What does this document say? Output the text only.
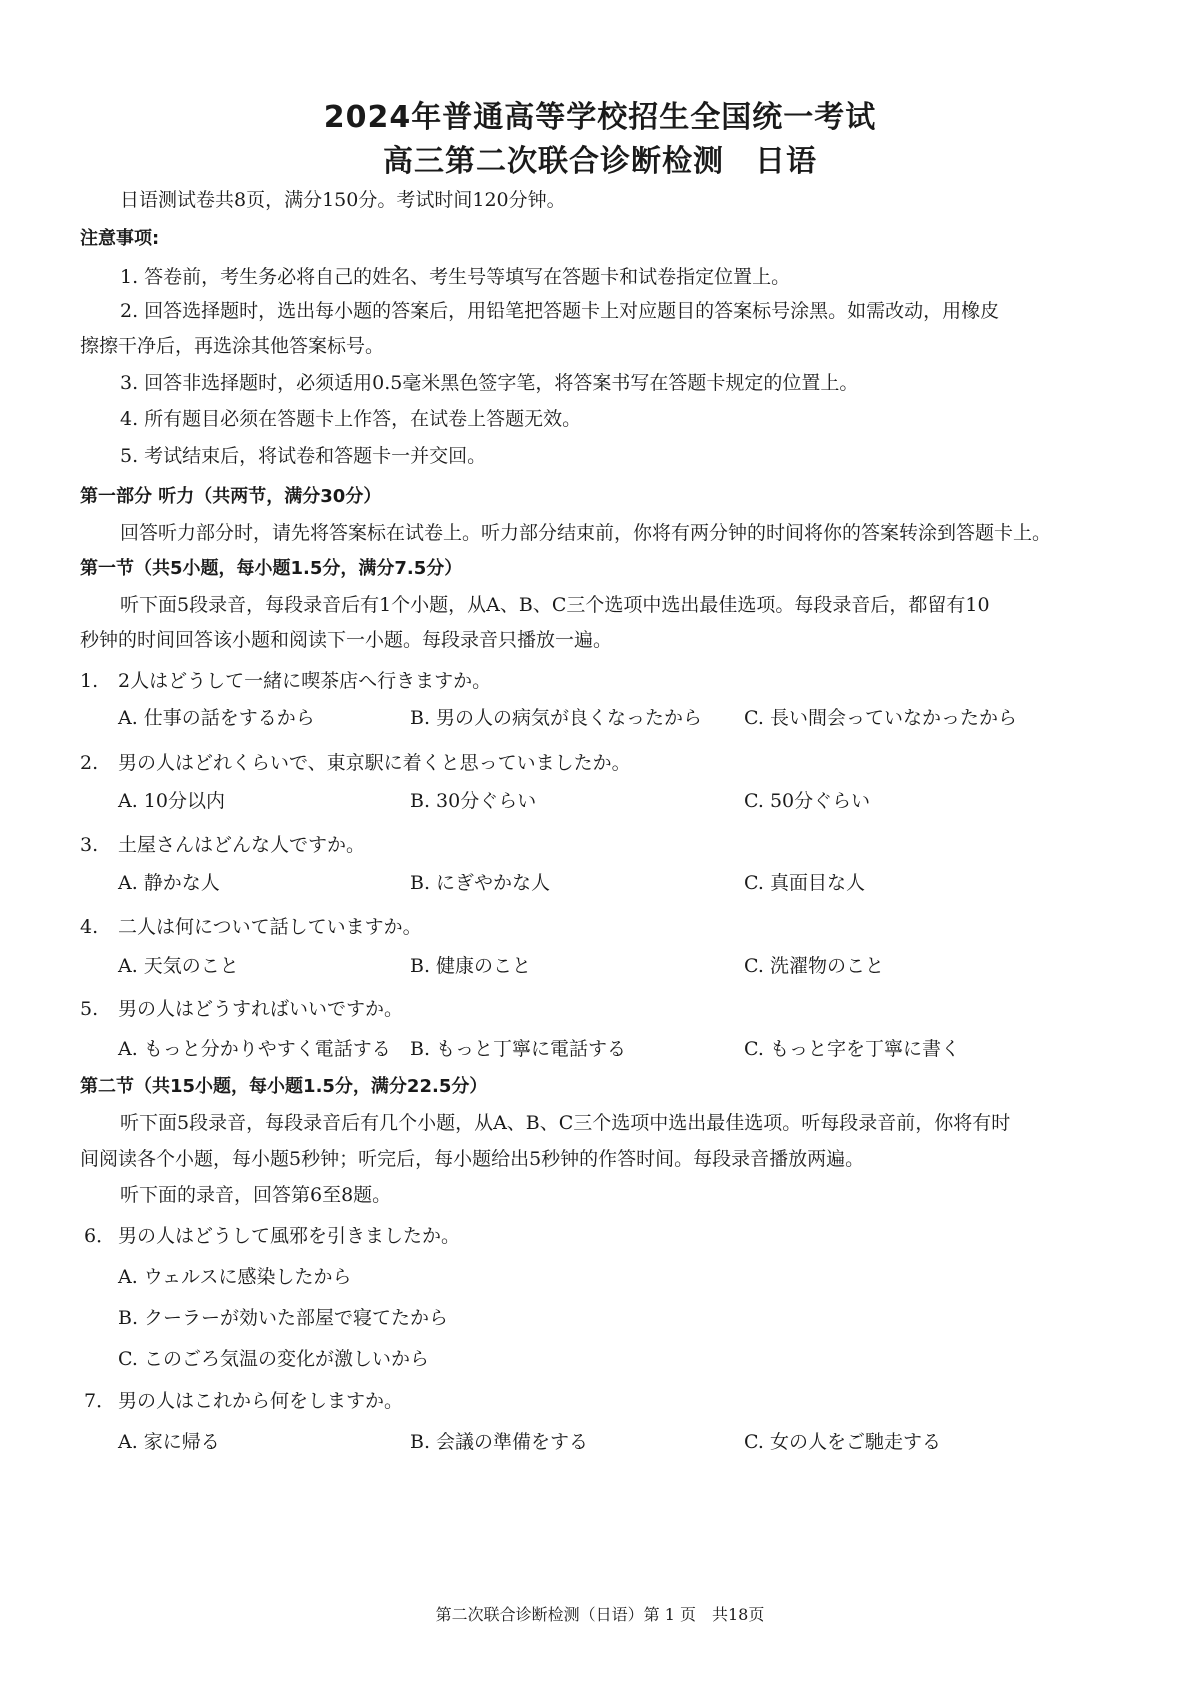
2024年普通高等学校招生全国统一考试
高三第二次联合诊断检测　日语
日语测试卷共8页，满分150分。考试时间120分钟。
注意事项:
1. 答卷前，考生务必将自己的姓名、考生号等填写在答题卡和试卷指定位置上。
2. 回答选择题时，选出每小题的答案后，用铅笔把答题卡上对应题目的答案标号涂黑。如需改动，用橡皮
擦擦干净后，再选涂其他答案标号。
3. 回答非选择题时，必须适用0.5毫米黑色签字笔，将答案书写在答题卡规定的位置上。
4. 所有题目必须在答题卡上作答，在试卷上答题无效。
5. 考试结束后，将试卷和答题卡一并交回。
第一部分 听力（共两节，满分30分）
回答听力部分时，请先将答案标在试卷上。听力部分结束前，你将有两分钟的时间将你的答案转涂到答题卡上。
第一节（共5小题，每小题1.5分，满分7.5分）
听下面5段录音，每段录音后有1个小题，从A、B、C三个选项中选出最佳选项。每段录音后，都留有10
秒钟的时间回答该小题和阅读下一小题。每段录音只播放一遍。
1. 2人はどうして一緒に喫茶店へ行きますか。
A. 仕事の話をするから	B. 男の人の病気が良くなったから C. 長い間会っていなかったから
2. 男の人はどれくらいで、東京駅に着くと思っていましたか。
A. 10分以内	B. 30分ぐらい	C. 50分ぐらい
3. 土屋さんはどんな人ですか。
A. 静かな人	B. にぎやかな人	C. 真面目な人
4. 二人は何について話していますか。
A. 天気のこと	B. 健康のこと	C. 洗濯物のこと
5. 男の人はどうすればいいですか。
A. もっと分かりやすく電話する B. もっと丁寧に電話する	C. もっと字を丁寧に書く
第二节（共15小题，每小题1.5分，满分22.5分）
听下面5段录音，每段录音后有几个小题，从A、B、C三个选项中选出最佳选项。听每段录音前，你将有时
间阅读各个小题，每小题5秒钟；听完后，每小题给出5秒钟的作答时间。每段录音播放两遍。
听下面的录音，回答第6至8题。
6． 男の人はどうして風邪を引きましたか。
A. ウェルスに感染したから
B. クーラーが効いた部屋で寝てたから
C. このごろ気温の変化が激しいから
7． 男の人はこれから何をしますか。
A. 家に帰る	B. 会議の準備をする	C. 女の人をご馳走する
第二次联合诊断检测（日语）第 1 页　共18页
